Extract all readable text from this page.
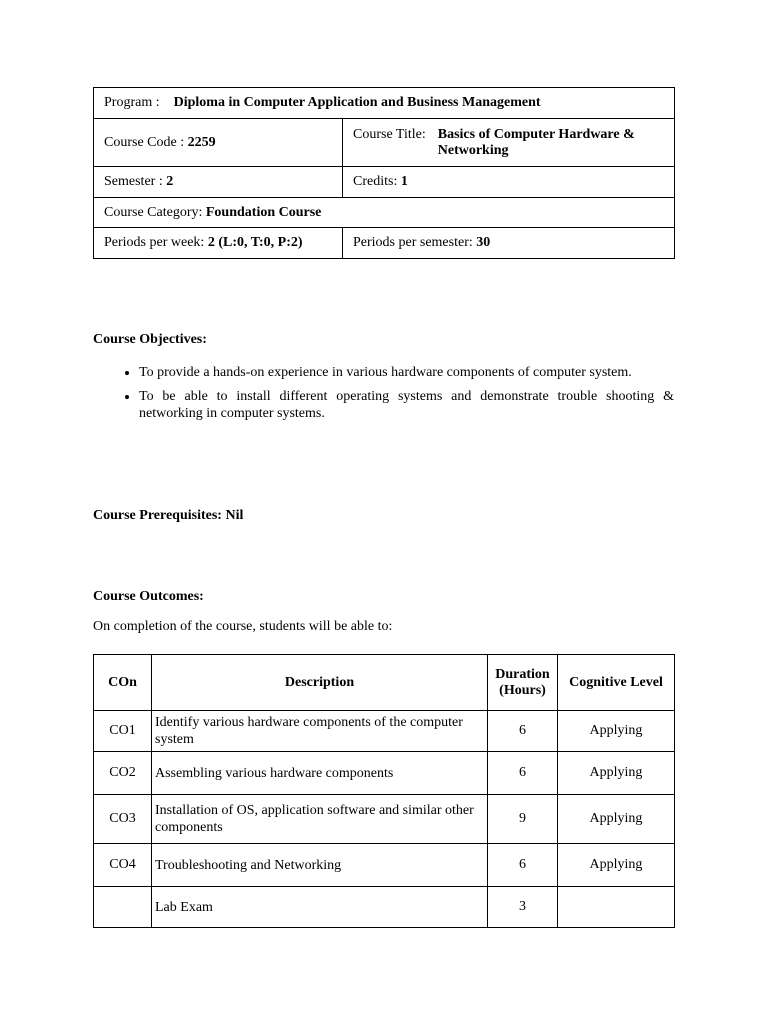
Program : Diploma in Computer Application and Business Management	
Course Code : 2259	Course Title: Basics of Computer Hardware & Networking

Semester : 2	Credits: 1
Course Category: Foundation Course	
Periods per week: 2 (L:0, T:0, P:2)	Periods per semester: 30
Course Objectives:
• To provide a hands-on experience in various hardware components of computer system.
• To be able to install different operating systems and demonstrate trouble shooting & networking in computer systems.
Course Prerequisites: Nil
Course Outcomes:
On completion of the course, students will be able to:
COn	Description	Duration (Hours)	Cognitive Level
CO1	Identify various hardware components of the computer system	6	Applying
CO2	Assembling various hardware components	6	Applying
CO3	Installation of OS, application software and similar other components	9	Applying
CO4	Troubleshooting and Networking	6	Applying
	Lab Exam	3	
